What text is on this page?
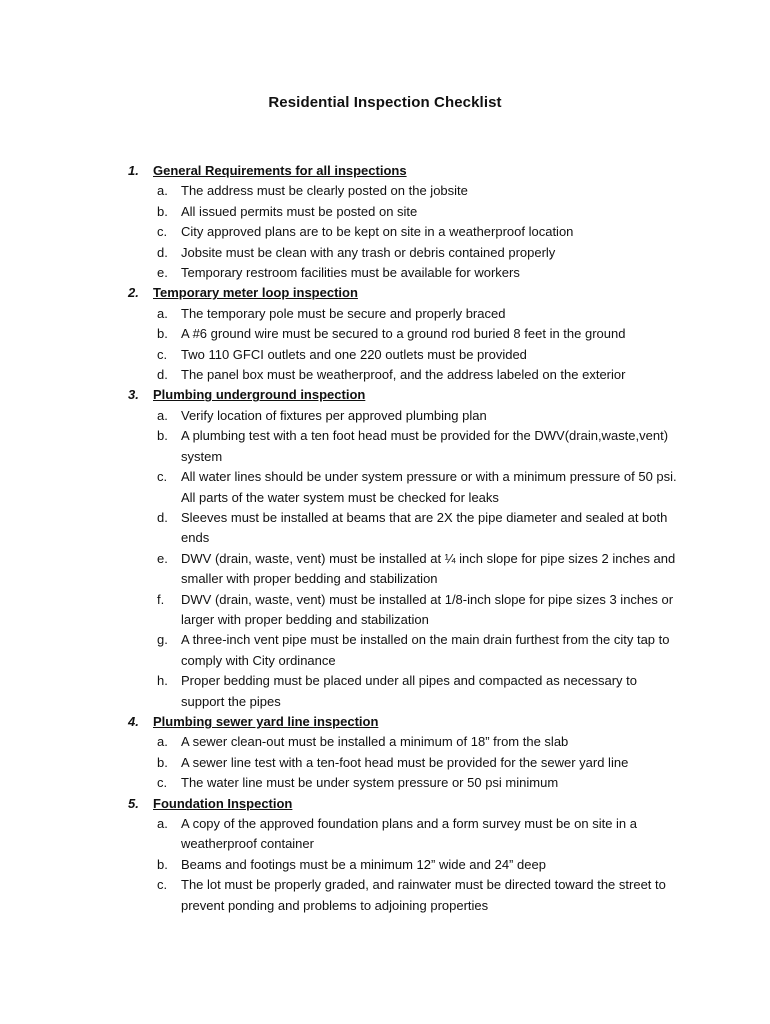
Residential Inspection Checklist
1.	General Requirements for all inspections
a.	The address must be clearly posted on the jobsite
b.	All issued permits must be posted on site
c.	City approved plans are to be kept on site in a weatherproof location
d.	Jobsite must be clean with any trash or debris contained properly
e.	Temporary restroom facilities must be available for workers
2.	Temporary meter loop inspection
a.	The temporary pole must be secure and properly braced
b.	A #6 ground wire must be secured to a ground rod buried 8 feet in the ground
c.	Two 110 GFCI outlets and one 220 outlets must be provided
d.	The panel box must be weatherproof, and the address labeled on the exterior
3.	Plumbing underground inspection
a.	Verify location of fixtures per approved plumbing plan
b.	A plumbing test with a ten foot head must be provided for the DWV(drain,waste,vent) system
c.	All water lines should be under system pressure or with a minimum pressure of 50 psi. All parts of the water system must be checked for leaks
d.	Sleeves must be installed at beams that are 2X the pipe diameter and sealed at both ends
e.	DWV (drain, waste, vent) must be installed at ¼ inch slope for pipe sizes 2 inches and smaller with proper bedding and stabilization
f.	DWV (drain, waste, vent) must be installed at 1/8-inch slope for pipe sizes 3 inches or larger with proper bedding and stabilization
g.	A three-inch vent pipe must be installed on the main drain furthest from the city tap to comply with City ordinance
h.	Proper bedding must be placed under all pipes and compacted as necessary to support the pipes
4.	Plumbing sewer yard line inspection
a.	A sewer clean-out must be installed a minimum of 18” from the slab
b.	A sewer line test with a ten-foot head must be provided for the sewer yard line
c.	The water line must be under system pressure or 50 psi minimum
5.	Foundation Inspection
a.	A copy of the approved foundation plans and a form survey must be on site in a weatherproof container
b.	Beams and footings must be a minimum 12” wide and 24” deep
c.	The lot must be properly graded, and rainwater must be directed toward the street to prevent ponding and problems to adjoining properties
